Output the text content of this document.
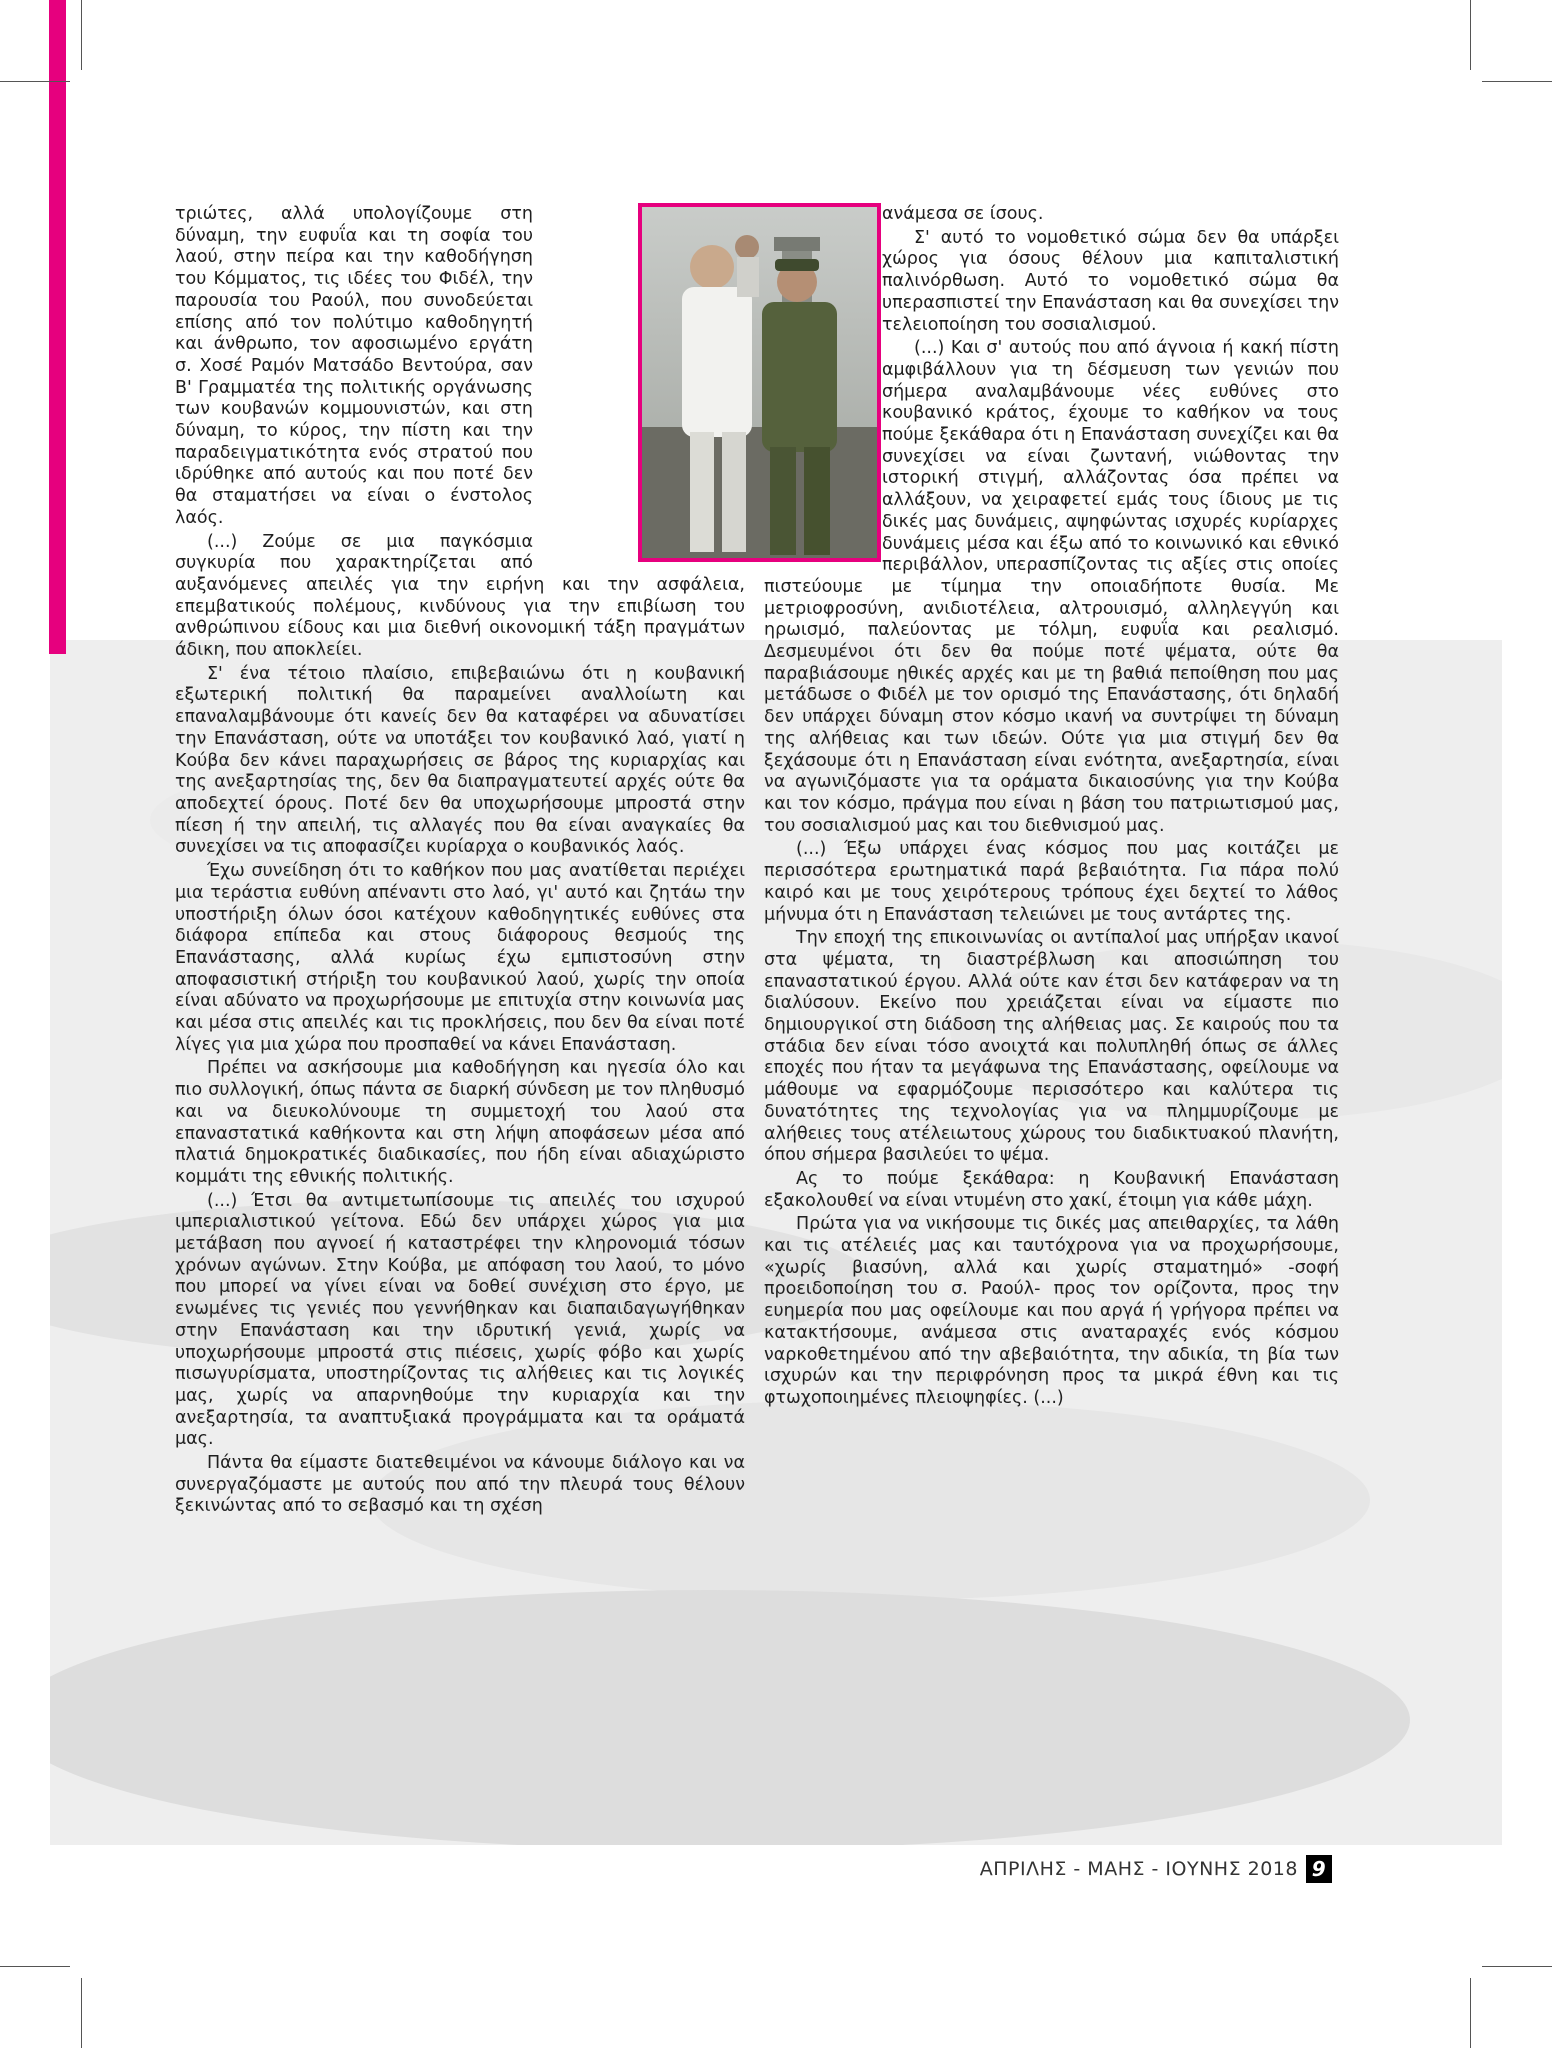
τριώτες, αλλά υπολογίζουμε στη δύναμη, την ευφυΐα και τη σοφία του λαού, στην πείρα και την καθοδήγηση του Κόμματος, τις ιδέες του Φιδέλ, την παρουσία του Ραούλ, που συνοδεύεται επίσης από τον πολύτιμο καθοδηγητή και άνθρωπο, τον αφοσιωμένο εργάτη σ. Χοσέ Ραμόν Ματσάδο Βεντούρα, σαν Β' Γραμματέα της πολιτικής οργάνωσης των κουβανών κομμουνιστών, και στη δύναμη, το κύρος, την πίστη και την παραδειγματικότητα ενός στρατού που ιδρύθηκε από αυτούς και που ποτέ δεν θα σταματήσει να είναι ο ένστολος λαός.

(...) Ζούμε σε μια παγκόσμια συγκυρία που χαρακτηρίζεται από αυξανόμενες απειλές για την ειρήνη και την ασφάλεια, επεμβατικούς πολέμους, κινδύνους για την επιβίωση του ανθρώπινου είδους και μια διεθνή οικονομική τάξη πραγμάτων άδικη, που αποκλείει.

Σ' ένα τέτοιο πλαίσιο, επιβεβαιώνω ότι η κουβανική εξωτερική πολιτική θα παραμείνει αναλλοίωτη και επαναλαμβάνουμε ότι κανείς δεν θα καταφέρει να αδυνατίσει την Επανάσταση, ούτε να υποτάξει τον κουβανικό λαό, γιατί η Κούβα δεν κάνει παραχωρήσεις σε βάρος της κυριαρχίας και της ανεξαρτησίας της, δεν θα διαπραγματευτεί αρχές ούτε θα αποδεχτεί όρους. Ποτέ δεν θα υποχωρήσουμε μπροστά στην πίεση ή την απειλή, τις αλλαγές που θα είναι αναγκαίες θα συνεχίσει να τις αποφασίζει κυρίαρχα ο κουβανικός λαός.

Έχω συνείδηση ότι το καθήκον που μας ανατίθεται περιέχει μια τεράστια ευθύνη απέναντι στο λαό, γι' αυτό και ζητάω την υποστήριξη όλων όσοι κατέχουν καθοδηγητικές ευθύνες στα διάφορα επίπεδα και στους διάφορους θεσμούς της Επανάστασης, αλλά κυρίως έχω εμπιστοσύνη στην αποφασιστική στήριξη του κουβανικού λαού, χωρίς την οποία είναι αδύνατο να προχωρήσουμε με επιτυχία στην κοινωνία μας και μέσα στις απειλές και τις προκλήσεις, που δεν θα είναι ποτέ λίγες για μια χώρα που προσπαθεί να κάνει Επανάσταση.

Πρέπει να ασκήσουμε μια καθοδήγηση και ηγεσία όλο και πιο συλλογική, όπως πάντα σε διαρκή σύνδεση με τον πληθυσμό και να διευκολύνουμε τη συμμετοχή του λαού στα επαναστατικά καθήκοντα και στη λήψη αποφάσεων μέσα από πλατιά δημοκρατικές διαδικασίες, που ήδη είναι αδιαχώριστο κομμάτι της εθνικής πολιτικής.

(...) Έτσι θα αντιμετωπίσουμε τις απειλές του ισχυρού ιμπεριαλιστικού γείτονα. Εδώ δεν υπάρχει χώρος για μια μετάβαση που αγνοεί ή καταστρέφει την κληρονομιά τόσων χρόνων αγώνων. Στην Κούβα, με απόφαση του λαού, το μόνο που μπορεί να γίνει είναι να δοθεί συνέχιση στο έργο, με ενωμένες τις γενιές που γεννήθηκαν και διαπαιδαγωγήθηκαν στην Επανάσταση και την ιδρυτική γενιά, χωρίς να υποχωρήσουμε μπροστά στις πιέσεις, χωρίς φόβο και χωρίς πισωγυρίσματα, υποστηρίζοντας τις αλήθειες και τις λογικές μας, χωρίς να απαρνηθούμε την κυριαρχία και την ανεξαρτησία, τα αναπτυξιακά προγράμματα και τα οράματά μας.

Πάντα θα είμαστε διατεθειμένοι να κάνουμε διάλογο και να συνεργαζόμαστε με αυτούς που από την πλευρά τους θέλουν ξεκινώντας από το σεβασμό και τη σχέση

ανάμεσα σε ίσους.

Σ' αυτό το νομοθετικό σώμα δεν θα υπάρξει χώρος για όσους θέλουν μια καπιταλιστική παλινόρθωση. Αυτό το νομοθετικό σώμα θα υπερασπιστεί την Επανάσταση και θα συνεχίσει την τελειοποίηση του σοσιαλισμού.

(...) Και σ' αυτούς που από άγνοια ή κακή πίστη αμφιβάλλουν για τη δέσμευση των γενιών που σήμερα αναλαμβάνουμε νέες ευθύνες στο κουβανικό κράτος, έχουμε το καθήκον να τους πούμε ξεκάθαρα ότι η Επανάσταση συνεχίζει και θα συνεχίσει να είναι ζωντανή, νιώθοντας την ιστορική στιγμή, αλλάζοντας όσα πρέπει να αλλάξουν, να χειραφετεί εμάς τους ίδιους με τις δικές μας δυνάμεις, αψηφώντας ισχυρές κυρίαρχες δυνάμεις μέσα και έξω από το κοινωνικό και εθνικό περιβάλλον, υπερασπίζοντας τις αξίες στις οποίες πιστεύουμε με τίμημα την οποιαδήποτε θυσία. Με μετριοφροσύνη, ανιδιοτέλεια, αλτρουισμό, αλληλεγγύη και ηρωισμό, παλεύοντας με τόλμη, ευφυΐα και ρεαλισμό. Δεσμευμένοι ότι δεν θα πούμε ποτέ ψέματα, ούτε θα παραβιάσουμε ηθικές αρχές και με τη βαθιά πεποίθηση που μας μετάδωσε ο Φιδέλ με τον ορισμό της Επανάστασης, ότι δηλαδή δεν υπάρχει δύναμη στον κόσμο ικανή να συντρίψει τη δύναμη της αλήθειας και των ιδεών. Ούτε για μια στιγμή δεν θα ξεχάσουμε ότι η Επανάσταση είναι ενότητα, ανεξαρτησία, είναι να αγωνιζόμαστε για τα οράματα δικαιοσύνης για την Κούβα και τον κόσμο, πράγμα που είναι η βάση του πατριωτισμού μας, του σοσιαλισμού μας και του διεθνισμού μας.

(...) Έξω υπάρχει ένας κόσμος που μας κοιτάζει με περισσότερα ερωτηματικά παρά βεβαιότητα. Για πάρα πολύ καιρό και με τους χειρότερους τρόπους έχει δεχτεί το λάθος μήνυμα ότι η Επανάσταση τελειώνει με τους αντάρτες της.

Την εποχή της επικοινωνίας οι αντίπαλοί μας υπήρξαν ικανοί στα ψέματα, τη διαστρέβλωση και αποσιώπηση του επαναστατικού έργου. Αλλά ούτε καν έτσι δεν κατάφεραν να τη διαλύσουν. Εκείνο που χρειάζεται είναι να είμαστε πιο δημιουργικοί στη διάδοση της αλήθειας μας. Σε καιρούς που τα στάδια δεν είναι τόσο ανοιχτά και πολυπληθή όπως σε άλλες εποχές που ήταν τα μεγάφωνα της Επανάστασης, οφείλουμε να μάθουμε να εφαρμόζουμε περισσότερο και καλύτερα τις δυνατότητες της τεχνολογίας για να πλημμυρίζουμε με αλήθειες τους ατέλειωτους χώρους του διαδικτυακού πλανήτη, όπου σήμερα βασιλεύει το ψέμα.

Ας το πούμε ξεκάθαρα: η Κουβανική Επανάσταση εξακολουθεί να είναι ντυμένη στο χακί, έτοιμη για κάθε μάχη.

Πρώτα για να νικήσουμε τις δικές μας απειθαρχίες, τα λάθη και τις ατέλειές μας και ταυτόχρονα για να προχωρήσουμε, «χωρίς βιασύνη, αλλά και χωρίς σταματημό» -σοφή προειδοποίηση του σ. Ραούλ- προς τον ορίζοντα, προς την ευημερία που μας οφείλουμε και που αργά ή γρήγορα πρέπει να κατακτήσουμε, ανάμεσα στις αναταραχές ενός κόσμου ναρκοθετημένου από την αβεβαιότητα, την αδικία, τη βία των ισχυρών και την περιφρόνηση προς τα μικρά έθνη και τις φτωχοποιημένες πλειοψηφίες. (...)

ΑΠΡΙΛΗΣ - ΜΑΗΣ - ΙΟΥΝΗΣ 2018 9
